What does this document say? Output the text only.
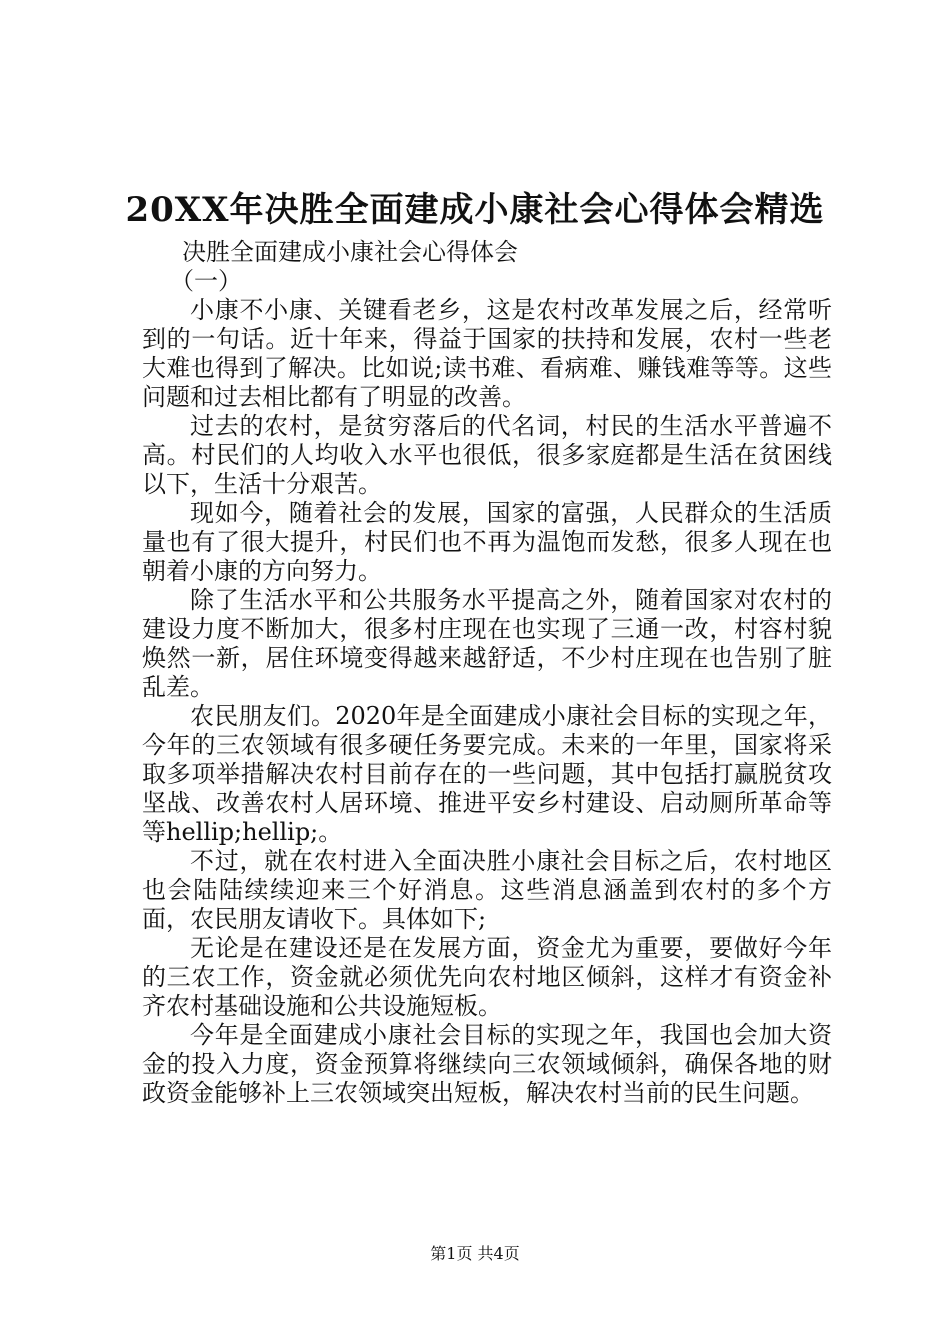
20XX年决胜全面建成小康社会心得体会精选

决胜全面建成小康社会心得体会

（一）

小康不小康、关键看老乡，这是农村改革发展之后，经常听到的一句话。近十年来，得益于国家的扶持和发展，农村一些老大难也得到了解决。比如说;读书难、看病难、赚钱难等等。这些问题和过去相比都有了明显的改善。

过去的农村，是贫穷落后的代名词，村民的生活水平普遍不高。村民们的人均收入水平也很低，很多家庭都是生活在贫困线以下，生活十分艰苦。

现如今，随着社会的发展，国家的富强，人民群众的生活质量也有了很大提升，村民们也不再为温饱而发愁，很多人现在也朝着小康的方向努力。

除了生活水平和公共服务水平提高之外，随着国家对农村的建设力度不断加大，很多村庄现在也实现了三通一改，村容村貌焕然一新，居住环境变得越来越舒适，不少村庄现在也告别了脏乱差。

农民朋友们。2020年是全面建成小康社会目标的实现之年，今年的三农领域有很多硬任务要完成。未来的一年里，国家将采取多项举措解决农村目前存在的一些问题，其中包括打赢脱贫攻坚战、改善农村人居环境、推进平安乡村建设、启动厕所革命等等hellip;hellip;。

不过，就在农村进入全面决胜小康社会目标之后，农村地区也会陆陆续续迎来三个好消息。这些消息涵盖到农村的多个方面，农民朋友请收下。具体如下;

无论是在建设还是在发展方面，资金尤为重要，要做好今年的三农工作，资金就必须优先向农村地区倾斜，这样才有资金补齐农村基础设施和公共设施短板。

今年是全面建成小康社会目标的实现之年，我国也会加大资金的投入力度，资金预算将继续向三农领域倾斜，确保各地的财政资金能够补上三农领域突出短板，解决农村当前的民生问题。

第1页 共4页
